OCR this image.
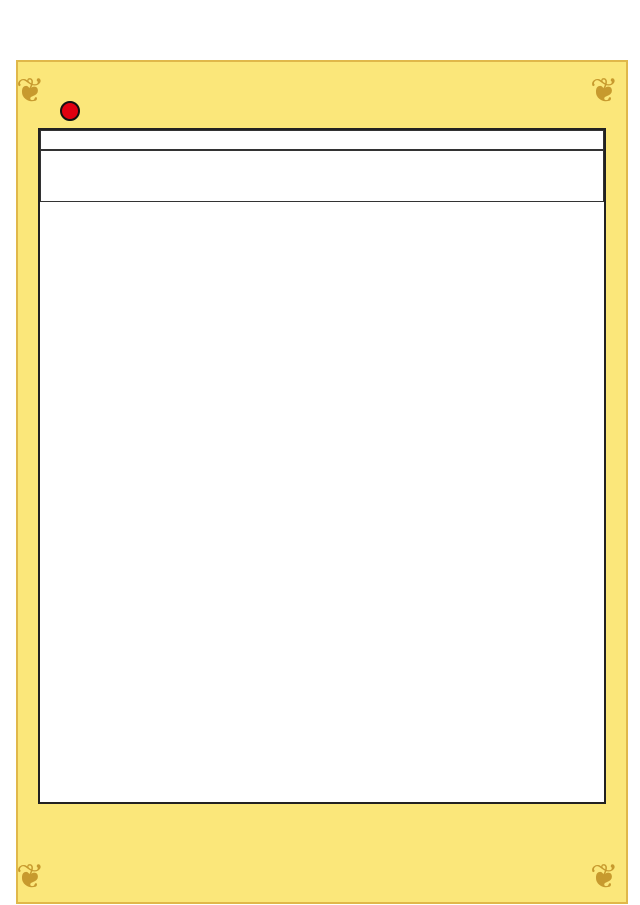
❦	❦
❦	❦
